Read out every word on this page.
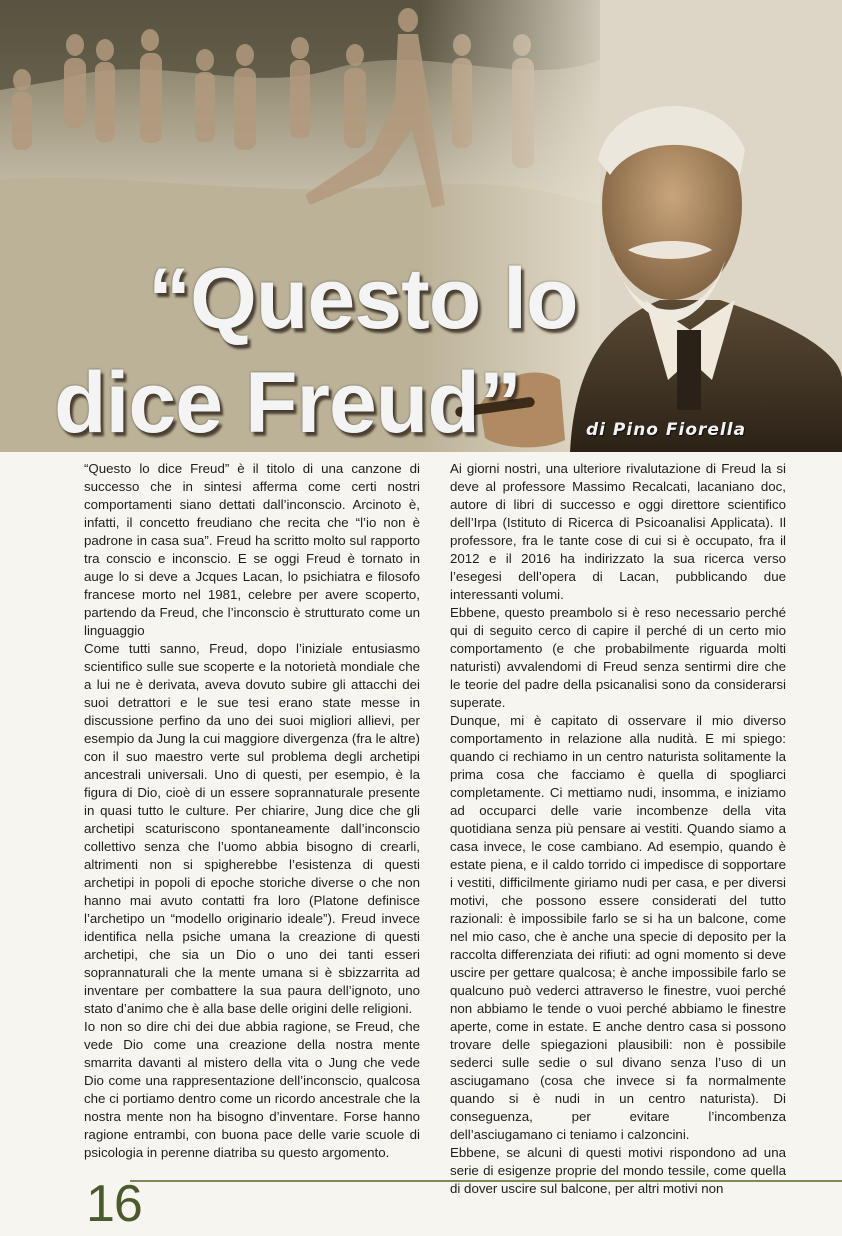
“Questo lo
dice Freud”	di Pino Fiorella

“Questo lo dice Freud” è il titolo di una canzone di successo che in sintesi afferma come certi nostri comportamenti siano dettati dall’inconscio. Arcinoto è, infatti, il concetto freudiano che recita che “l’io non è padrone in casa sua”. Freud ha scritto molto sul rapporto tra conscio e inconscio. E se oggi Freud è tornato in auge lo si deve a Jcques Lacan, lo psichiatra e filosofo francese morto nel 1981, celebre per avere scoperto, partendo da Freud, che l’inconscio è strutturato come un linguaggio

Come tutti sanno, Freud, dopo l’iniziale entusiasmo scientifico sulle sue scoperte e la notorietà mondiale che a lui ne è derivata, aveva dovuto subire gli attacchi dei suoi detrattori e le sue tesi erano state messe in discussione perfino da uno dei suoi migliori allievi, per esempio da Jung la cui maggiore divergenza (fra le altre) con il suo maestro verte sul problema degli archetipi ancestrali universali. Uno di questi, per esempio, è la figura di Dio, cioè di un essere soprannaturale presente in quasi tutto le culture. Per chiarire, Jung dice che gli archetipi scaturiscono spontaneamente dall’inconscio collettivo senza che l’uomo abbia bisogno di crearli, altrimenti non si spigherebbe l’esistenza di questi archetipi in popoli di epoche storiche diverse o che non hanno mai avuto contatti fra loro (Platone definisce l’archetipo un “modello originario ideale”). Freud invece identifica nella psiche umana la creazione di questi archetipi, che sia un Dio o uno dei tanti esseri soprannaturali che la mente umana si è sbizzarrita ad inventare per combattere la sua paura dell’ignoto, uno stato d’animo che è alla base delle origini delle religioni.

Io non so dire chi dei due abbia ragione, se Freud, che vede Dio come una creazione della nostra mente smarrita davanti al mistero della vita o Jung che vede Dio come una rappresentazione dell’inconscio, qualcosa che ci portiamo dentro come un ricordo ancestrale che la nostra mente non ha bisogno d’inventare. Forse hanno ragione entrambi, con buona pace delle varie scuole di psicologia in perenne diatriba su questo argomento.

Ai giorni nostri, una ulteriore rivalutazione di Freud la si deve al professore Massimo Recalcati, lacaniano doc, autore di libri di successo e oggi direttore scientifico dell’Irpa (Istituto di Ricerca di Psicoanalisi Applicata). Il professore, fra le tante cose di cui si è occupato, fra il 2012 e il 2016 ha indirizzato la sua ricerca verso l’esegesi dell’opera di Lacan, pubblicando due interessanti volumi.

Ebbene, questo preambolo si è reso necessario perché qui di seguito cerco di capire il perché di un certo mio comportamento (e che probabilmente riguarda molti naturisti) avvalendomi di Freud senza sentirmi dire che le teorie del padre della psicanalisi sono da considerarsi superate.

Dunque, mi è capitato di osservare il mio diverso comportamento in relazione alla nudità. E mi spiego: quando ci rechiamo in un centro naturista solitamente la prima cosa che facciamo è quella di spogliarci completamente. Ci mettiamo nudi, insomma, e iniziamo ad occuparci delle varie incombenze della vita quotidiana senza più pensare ai vestiti. Quando siamo a casa invece, le cose cambiano. Ad esempio, quando è estate piena, e il caldo torrido ci impedisce di sopportare i vestiti, difficilmente giriamo nudi per casa, e per diversi motivi, che possono essere considerati del tutto razionali: è impossibile farlo se si ha un balcone, come nel mio caso, che è anche una specie di deposito per la raccolta differenziata dei rifiuti: ad ogni momento si deve uscire per gettare qualcosa; è anche impossibile farlo se qualcuno può vederci attraverso le finestre, vuoi perché non abbiamo le tende o vuoi perché abbiamo le finestre aperte, come in estate. E anche dentro casa si possono trovare delle spiegazioni plausibili: non è possibile sederci sulle sedie o sul divano senza l’uso di un asciugamano (cosa che invece si fa normalmente quando si è nudi in un centro naturista). Di conseguenza, per evitare l’incombenza dell’asciugamano ci teniamo i calzoncini.

Ebbene, se alcuni di questi motivi rispondono ad una serie di esigenze proprie del mondo tessile, come quella di dover uscire sul balcone, per altri motivi non

16
